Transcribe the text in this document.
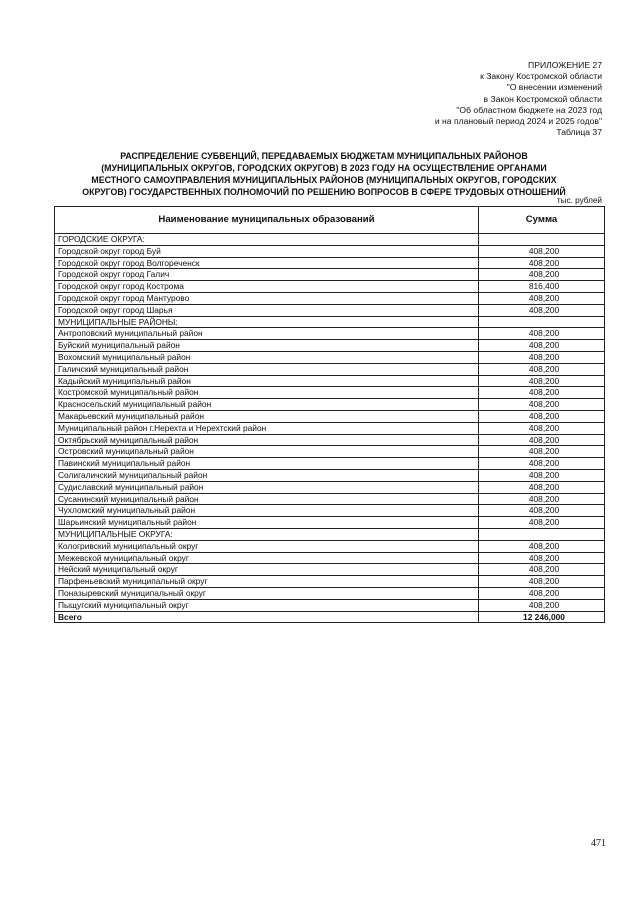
ПРИЛОЖЕНИЕ 27
к Закону Костромской области
"О внесении изменений
в Закон Костромской области
"Об областном бюджете на 2023 год
и на плановый период 2024 и 2025 годов"
Таблица 37
РАСПРЕДЕЛЕНИЕ СУБВЕНЦИЙ, ПЕРЕДАВАЕМЫХ БЮДЖЕТАМ МУНИЦИПАЛЬНЫХ РАЙОНОВ
(МУНИЦИПАЛЬНЫХ ОКРУГОВ, ГОРОДСКИХ ОКРУГОВ) В 2023 ГОДУ НА ОСУЩЕСТВЛЕНИЕ ОРГАНАМИ
МЕСТНОГО САМОУПРАВЛЕНИЯ МУНИЦИПАЛЬНЫХ РАЙОНОВ (МУНИЦИПАЛЬНЫХ ОКРУГОВ, ГОРОДСКИХ
ОКРУГОВ) ГОСУДАРСТВЕННЫХ ПОЛНОМОЧИЙ ПО РЕШЕНИЮ ВОПРОСОВ В СФЕРЕ ТРУДОВЫХ ОТНОШЕНИЙ
тыс. рублей
Наименование муниципальных образований	Сумма
ГОРОДСКИЕ ОКРУГА:	
Городской округ город Буй	408,200
Городской округ город Волгореченск	408,200
Городской округ город Галич	408,200
Городской округ город Кострома	816,400
Городской округ город Мантурово	408,200
Городской округ город Шарья	408,200
МУНИЦИПАЛЬНЫЕ РАЙОНЫ:	
Антроповский муниципальный район	408,200
Буйский муниципальный район	408,200
Вохомский муниципальный район	408,200
Галичский муниципальный район	408,200
Кадыйский муниципальный район	408,200
Костромской муниципальный район	408,200
Красносельский муниципальный район	408,200
Макарьевский муниципальный район	408,200
Муниципальный район г.Нерехта и Нерехтский район	408,200
Октябрьский муниципальный район	408,200
Островский муниципальный район	408,200
Павинский муниципальный район	408,200
Солигаличский муниципальный район	408,200
Судиславский муниципальный район	408,200
Сусанинский муниципальный район	408,200
Чухломский муниципальный район	408,200
Шарьинский муниципальный район	408,200
МУНИЦИПАЛЬНЫЕ ОКРУГА:	
Кологривский муниципальный округ	408,200
Межевской муниципальный округ	408,200
Нейский муниципальный округ	408,200
Парфеньевский муниципальный округ	408,200
Поназыревский муниципальный округ	408,200
Пыщугский муниципальный округ	408,200
Всего	12 246,000
471
